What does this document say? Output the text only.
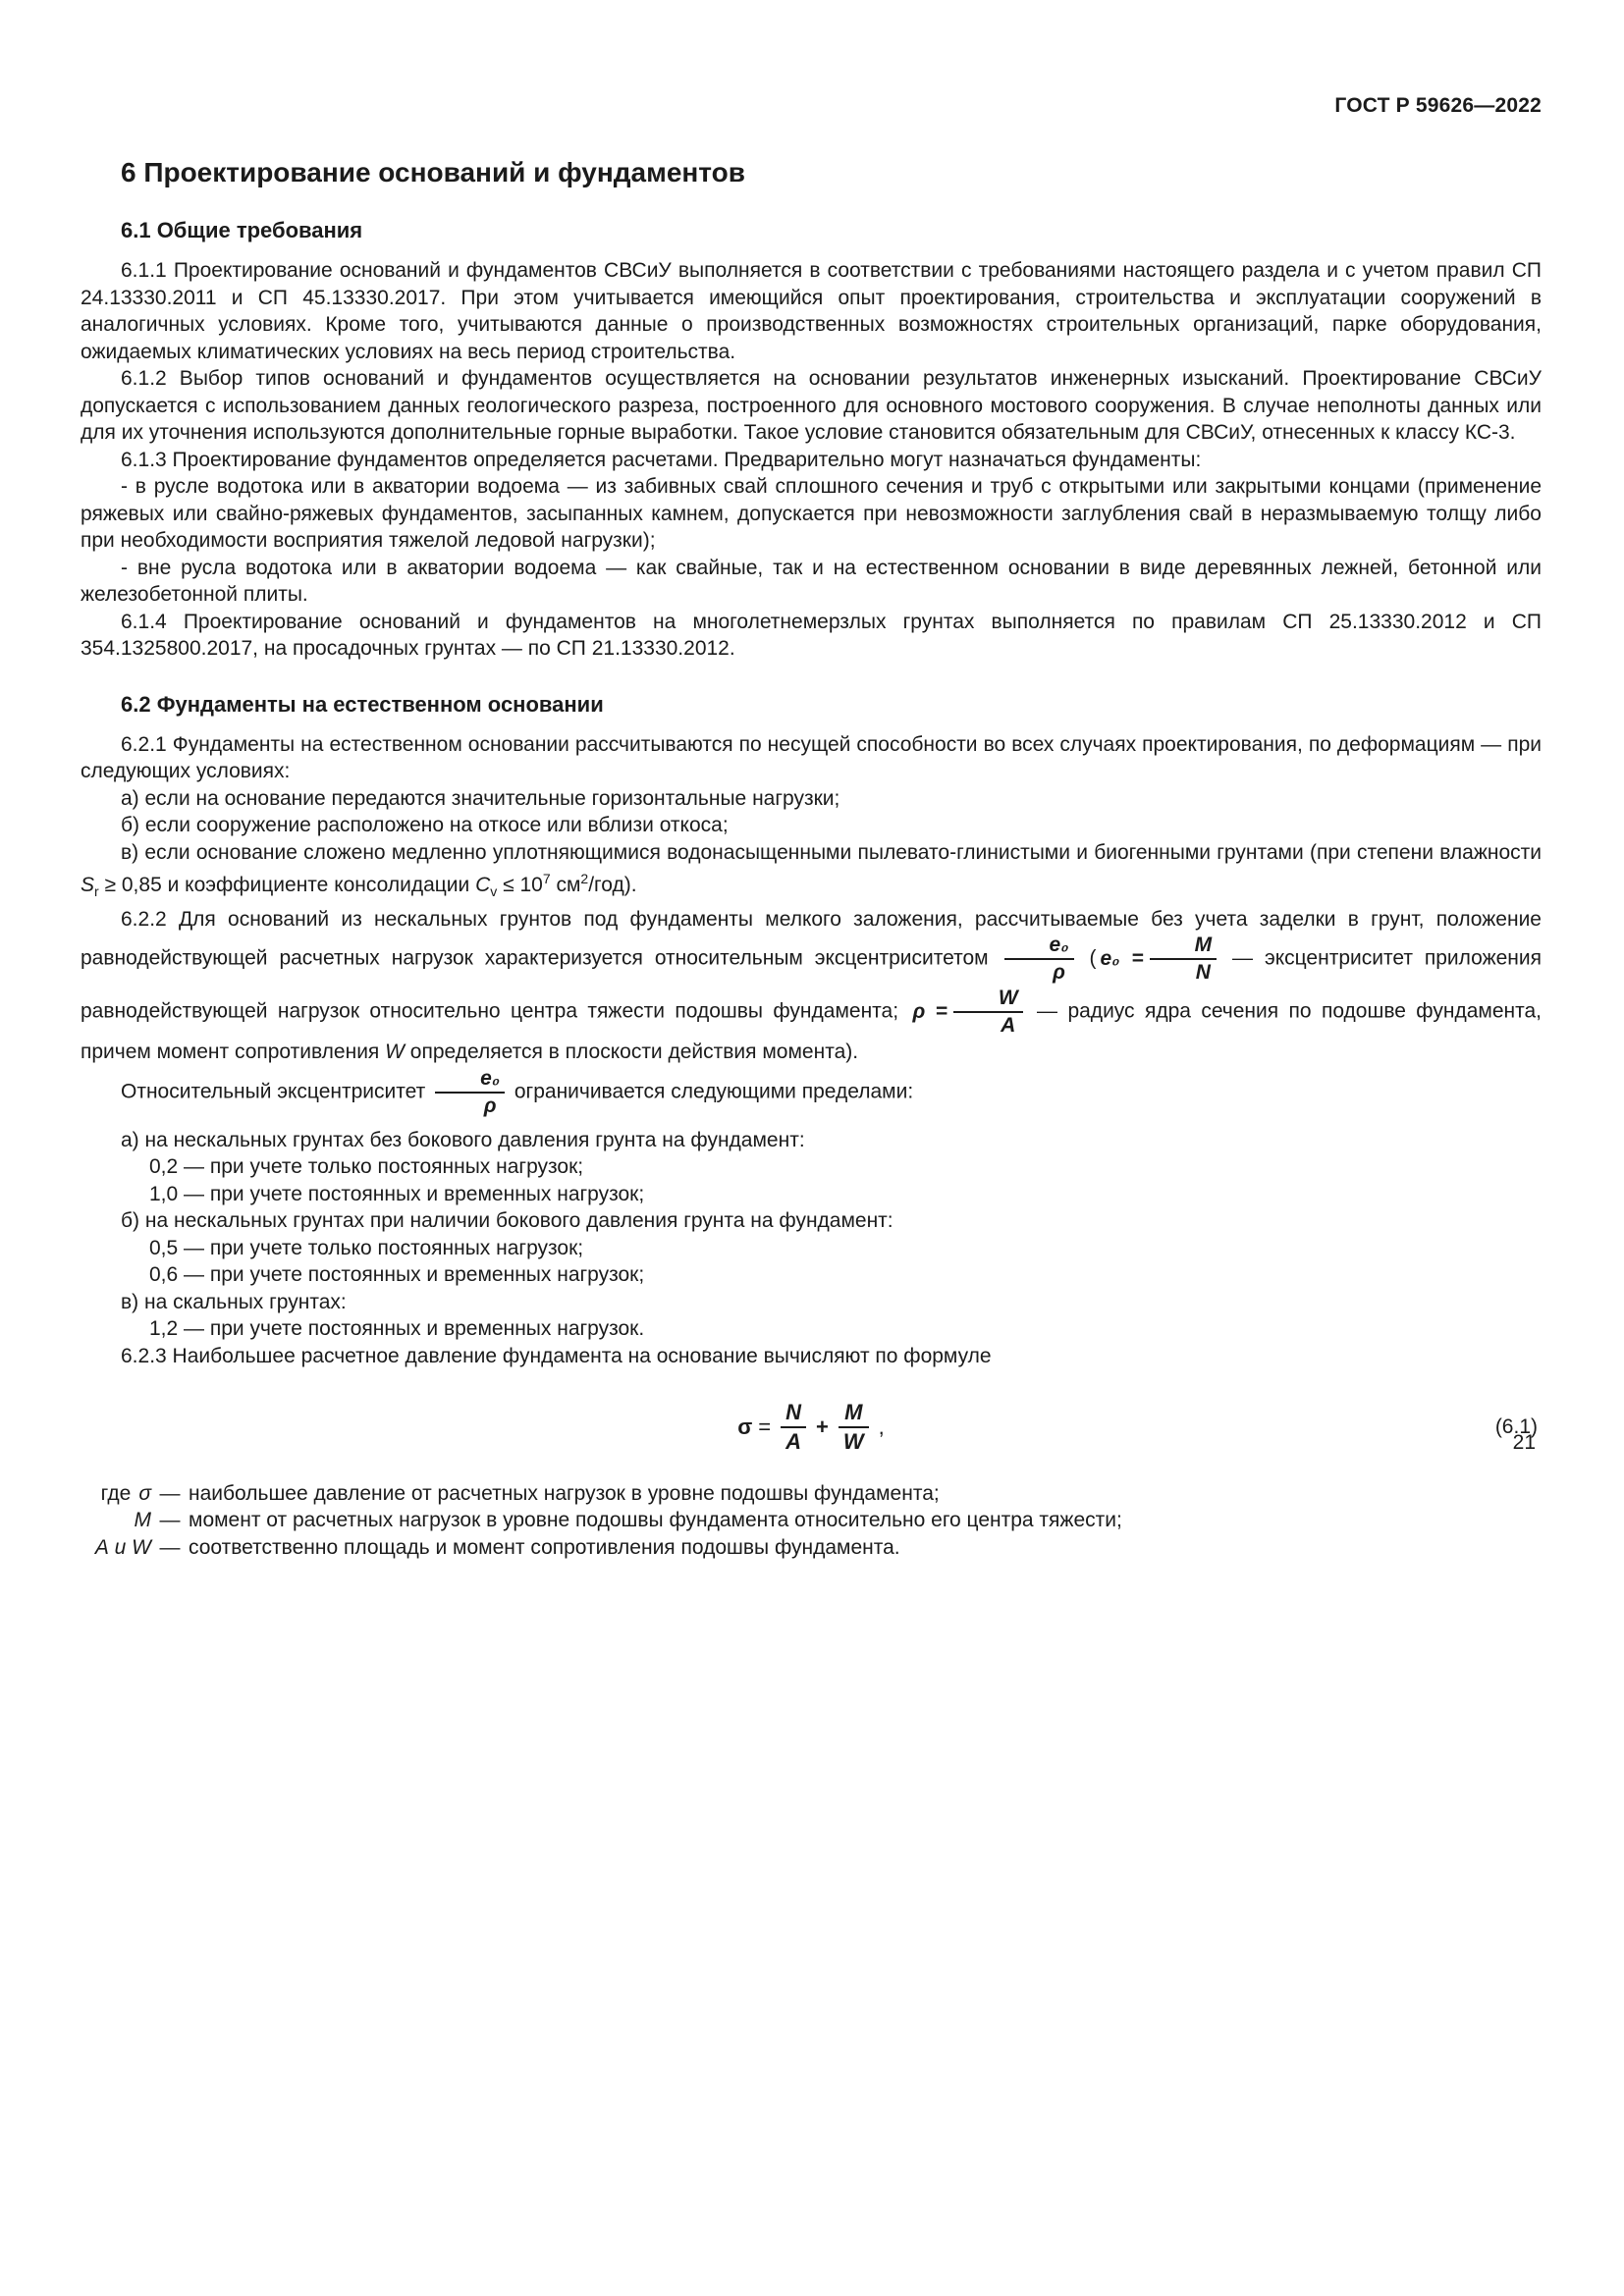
ГОСТ Р 59626—2022
6 Проектирование оснований и фундаментов
6.1 Общие требования

6.1.1 Проектирование оснований и фундаментов СВСиУ выполняется в соответствии с требованиями настоящего раздела и с учетом правил СП 24.13330.2011 и СП 45.13330.2017. При этом учитывается имеющийся опыт проектирования, строительства и эксплуатации сооружений в аналогичных условиях. Кроме того, учитываются данные о производственных возможностях строительных организаций, парке оборудования, ожидаемых климатических условиях на весь период строительства.

6.1.2 Выбор типов оснований и фундаментов осуществляется на основании результатов инженерных изысканий. Проектирование СВСиУ допускается с использованием данных геологического разреза, построенного для основного мостового сооружения. В случае неполноты данных или для их уточнения используются дополнительные горные выработки. Такое условие становится обязательным для СВСиУ, отнесенных к классу КС-3.

6.1.3 Проектирование фундаментов определяется расчетами. Предварительно могут назначаться фундаменты:

- в русле водотока или в акватории водоема — из забивных свай сплошного сечения и труб с открытыми или закрытыми концами (применение ряжевых или свайно-ряжевых фундаментов, засыпанных камнем, допускается при невозможности заглубления свай в неразмываемую толщу либо при необходимости восприятия тяжелой ледовой нагрузки);

- вне русла водотока или в акватории водоема — как свайные, так и на естественном основании в виде деревянных лежней, бетонной или железобетонной плиты.

6.1.4 Проектирование оснований и фундаментов на многолетнемерзлых грунтах выполняется по правилам СП 25.13330.2012 и СП 354.1325800.2017, на просадочных грунтах — по СП 21.13330.2012.

6.2 Фундаменты на естественном основании

6.2.1 Фундаменты на естественном основании рассчитываются по несущей способности во всех случаях проектирования, по деформациям — при следующих условиях:

а) если на основание передаются значительные горизонтальные нагрузки;

б) если сооружение расположено на откосе или вблизи откоса;

в) если основание сложено медленно уплотняющимися водонасыщенными пылевато-глинистыми и биогенными грунтами (при степени влажности $S_r \ge 0,85$ и коэффициенте консолидации $C_v \le 10^7$ $см^2/год$).

6.2.2 Для оснований из нескальных грунтов под фундаменты мелкого заложения, рассчитываемые без учета заделки в грунт, положение равнодействующей расчетных нагрузок характеризуется относительным эксцентриситетом $\frac{\text{e₀}}{\rho}$ ( $e_0 = \frac{M}{N}$ — эксцентриситет приложения равнодействующей нагрузок относительно центра тяжести подошвы фундамента; $\rho = \frac{W}{A}$ — радиус ядра сечения по подошве фундамента, причем момент сопротивления W определяется в плоскости действия момента).

Относительный эксцентриситет $\frac{\text{e₀}}{\rho}$ ограничивается следующими пределами:

а) на нескальных грунтах без бокового давления грунта на фундамент:

0,2 — при учете только постоянных нагрузок;

1,0 — при учете постоянных и временных нагрузок;

б) на нескальных грунтах при наличии бокового давления грунта на фундамент:

0,5 — при учете только постоянных нагрузок;

0,6 — при учете постоянных и временных нагрузок;

в) на скальных грунтах:

1,2 — при учете постоянных и временных нагрузок.

6.2.3 Наибольшее расчетное давление фундамента на основание вычисляют по формуле

$\sigma = \frac{N}{A} + \frac{M}{W}$ ,	(6.1)
где σ — наибольшее давление от расчетных нагрузок в уровне подошвы фундамента;
M — момент от расчетных нагрузок в уровне подошвы фундамента относительно его центра тяжести;
А и W — соответственно площадь и момент сопротивления подошвы фундамента.
21
